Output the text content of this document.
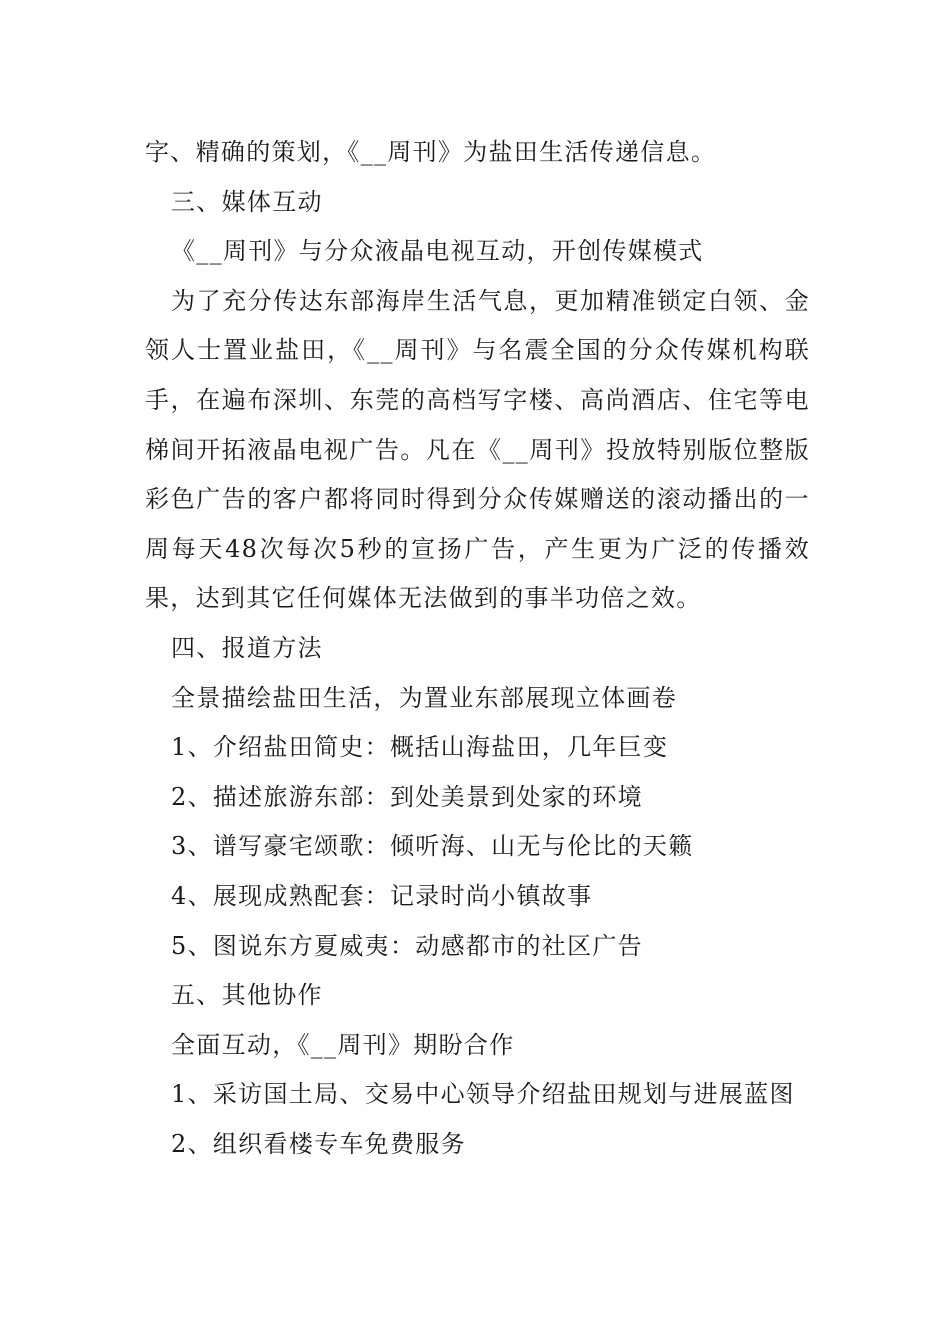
字、精确的策划，《__周刊》为盐田生活传递信息。
三、媒体互动
《__周刊》与分众液晶电视互动，开创传媒模式
为了充分传达东部海岸生活气息，更加精准锁定白领、金领人士置业盐田，《__周刊》与名震全国的分众传媒机构联手，在遍布深圳、东莞的高档写字楼、高尚酒店、住宅等电梯间开拓液晶电视广告。凡在《__周刊》投放特别版位整版彩色广告的客户都将同时得到分众传媒赠送的滚动播出的一周每天48次每次5秒的宣扬广告，产生更为广泛的传播效果，达到其它任何媒体无法做到的事半功倍之效。
四、报道方法
全景描绘盐田生活，为置业东部展现立体画卷
1、介绍盐田简史：概括山海盐田，几年巨变
2、描述旅游东部：到处美景到处家的环境
3、谱写豪宅颂歌：倾听海、山无与伦比的天籁
4、展现成熟配套：记录时尚小镇故事
5、图说东方夏威夷：动感都市的社区广告
五、其他协作
全面互动，《__周刊》期盼合作
1、采访国土局、交易中心领导介绍盐田规划与进展蓝图
2、组织看楼专车免费服务
